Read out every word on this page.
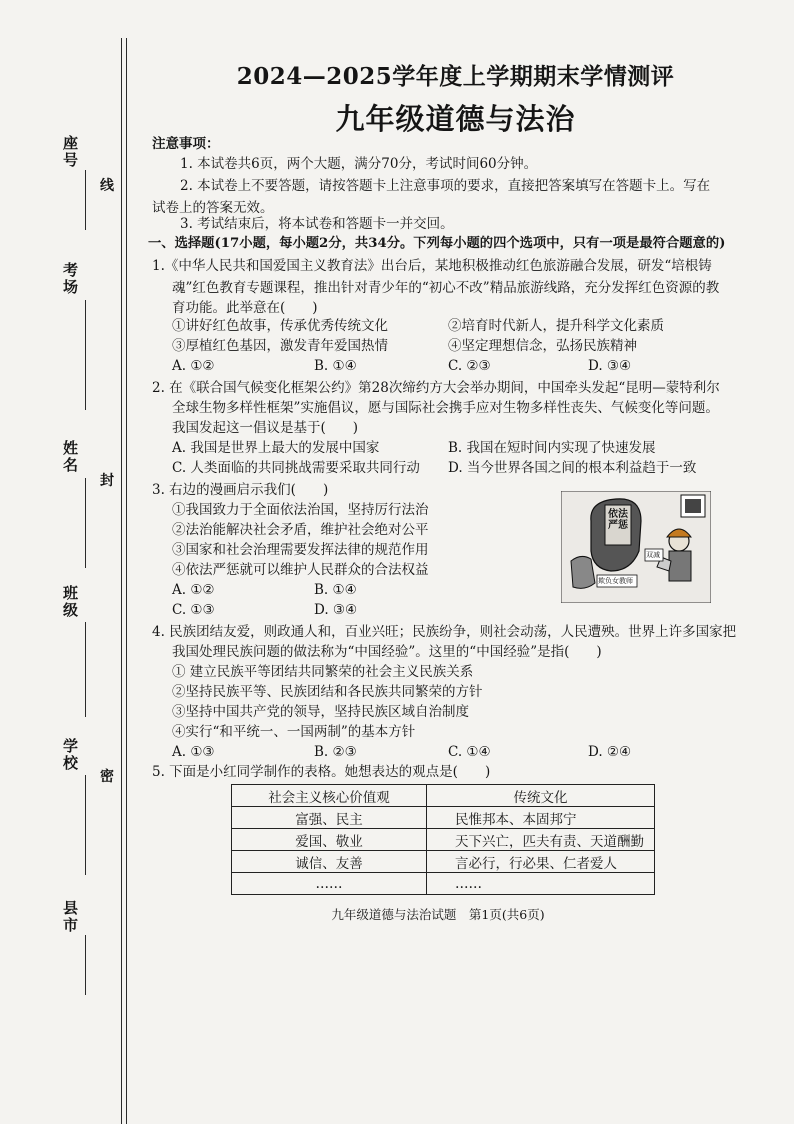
座号
考场
姓名
班级
学校
县市
线
封
密
2024—2025学年度上学期期末学情测评
九年级道德与法治
注意事项：
1. 本试卷共6页，两个大题，满分70分，考试时间60分钟。
2. 本试卷上不要答题，请按答题卡上注意事项的要求，直接把答案填写在答题卡上。写在
试卷上的答案无效。
3. 考试结束后，将本试卷和答题卡一并交回。
一、选择题(17小题，每小题2分，共34分。下列每小题的四个选项中，只有一项是最符合题意的)
1.《中华人民共和国爱国主义教育法》出台后，某地积极推动红色旅游融合发展，研发“培根铸
魂”红色教育专题课程，推出针对青少年的“初心不改”精品旅游线路，充分发挥红色资源的教
育功能。此举意在(　　)
①讲好红色故事，传承优秀传统文化	②培育时代新人，提升科学文化素质
③厚植红色基因，激发青年爱国热情	④坚定理想信念，弘扬民族精神
A. ①②	B. ①④	C. ②③	D. ③④
2. 在《联合国气候变化框架公约》第28次缔约方大会举办期间，中国牵头发起“昆明—蒙特利尔
全球生物多样性框架”实施倡议，愿与国际社会携手应对生物多样性丧失、气候变化等问题。
我国发起这一倡议是基于(　　)
A. 我国是世界上最大的发展中国家	B. 我国在短时间内实现了快速发展
C. 人类面临的共同挑战需要采取共同行动 D. 当今世界各国之间的根本利益趋于一致
3. 右边的漫画启示我们(　　)
①我国致力于全面依法治国，坚持厉行法治
②法治能解决社会矛盾，维护社会绝对公平
③国家和社会治理需要发挥法律的规范作用
④依法严惩就可以维护人民群众的合法权益
A. ①②	B. ①④
C. ①③	D. ③④
依法严惩
双减
欺负女教师
4. 民族团结友爱，则政通人和，百业兴旺；民族纷争，则社会动荡，人民遭殃。世界上许多国家把
我国处理民族问题的做法称为“中国经验”。这里的“中国经验”是指(　　)
① 建立民族平等团结共同繁荣的社会主义民族关系
②坚持民族平等、民族团结和各民族共同繁荣的方针
③坚持中国共产党的领导，坚持民族区域自治制度
④实行“和平统一、一国两制”的基本方针
A. ①③	B. ②③	C. ①④	D. ②④
5. 下面是小红同学制作的表格。她想表达的观点是(　　)
社会主义核心价值观	传统文化
富强、民主	民惟邦本、本固邦宁
爱国、敬业	天下兴亡，匹夫有责、天道酬勤
诚信、友善	言必行，行必果、仁者爱人
……	……
九年级道德与法治试题　第1页(共6页)
